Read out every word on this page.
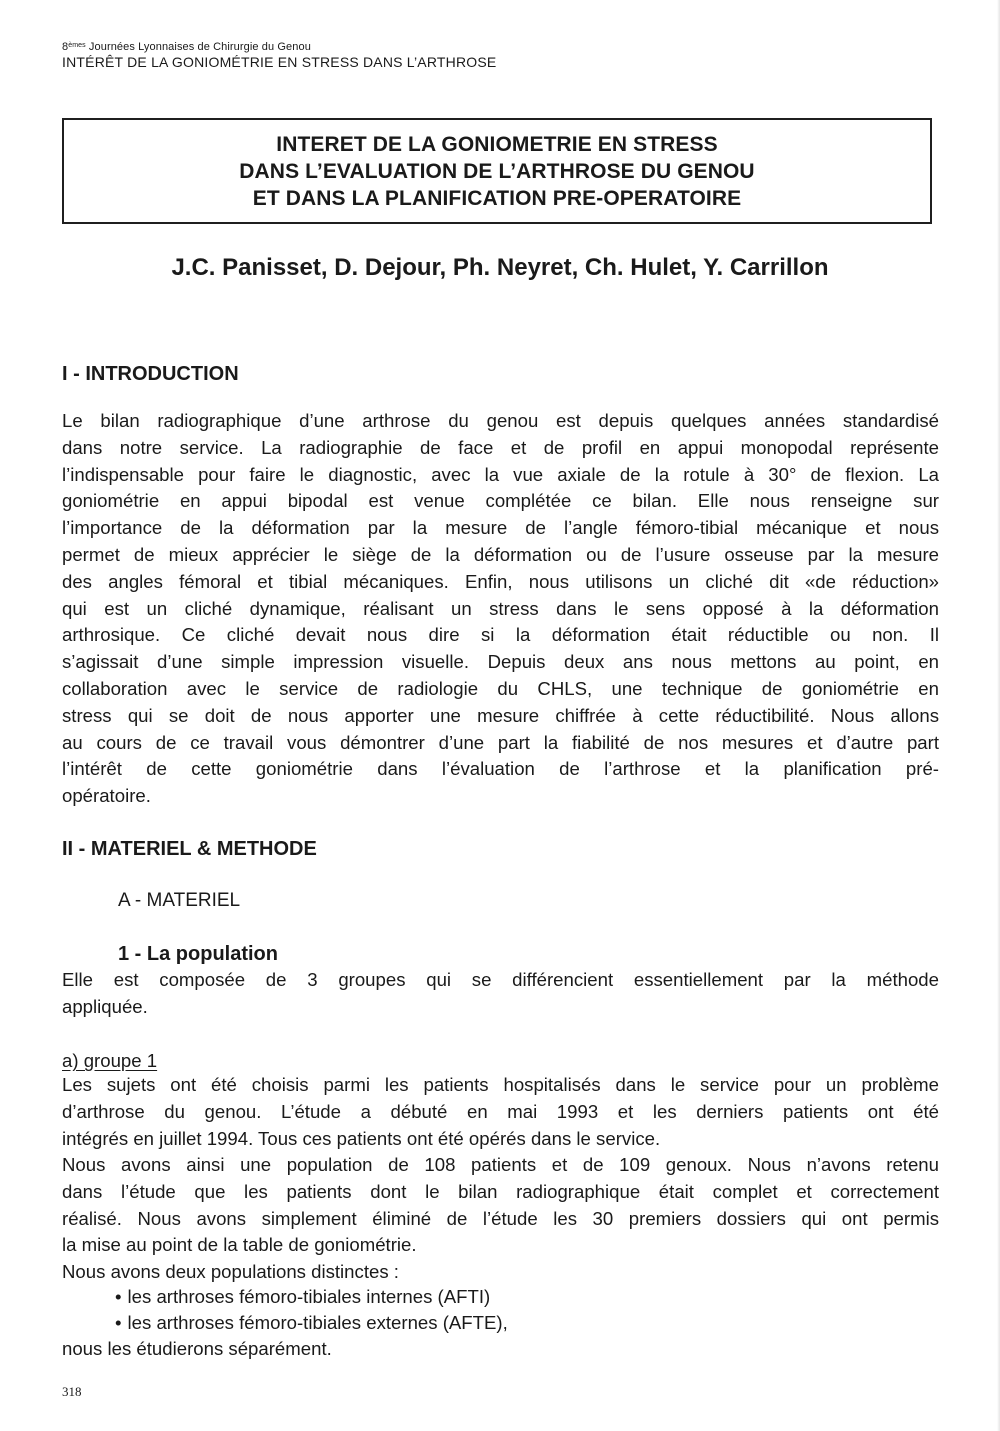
8èmes Journées Lyonnaises de Chirurgie du Genou
INTÉRÊT DE LA GONIOMÉTRIE EN STRESS DANS L’ARTHROSE
INTERET DE LA GONIOMETRIE EN STRESS
DANS L’EVALUATION DE L’ARTHROSE DU GENOU
ET DANS LA PLANIFICATION PRE-OPERATOIRE
J.C. Panisset, D. Dejour, Ph. Neyret, Ch. Hulet, Y. Carrillon
I - INTRODUCTION
Le bilan radiographique d’une arthrose du genou est depuis quelques années standardisé
dans notre service. La radiographie de face et de profil en appui monopodal représente
l’indispensable pour faire le diagnostic, avec la vue axiale de la rotule à 30° de flexion. La
goniométrie en appui bipodal est venue complétée ce bilan. Elle nous renseigne sur
l’importance de la déformation par la mesure de l’angle fémoro-tibial mécanique et nous
permet de mieux apprécier le siège de la déformation ou de l’usure osseuse par la mesure
des angles fémoral et tibial mécaniques. Enfin, nous utilisons un cliché dit «de réduction»
qui est un cliché dynamique, réalisant un stress dans le sens opposé à la déformation
arthrosique. Ce cliché devait nous dire si la déformation était réductible ou non. Il
s’agissait d’une simple impression visuelle. Depuis deux ans nous mettons au point, en
collaboration avec le service de radiologie du CHLS, une technique de goniométrie en
stress qui se doit de nous apporter une mesure chiffrée à cette réductibilité. Nous allons
au cours de ce travail vous démontrer d’une part la fiabilité de nos mesures et d’autre part
l’intérêt de cette goniométrie dans l’évaluation de l’arthrose et la planification pré-
opératoire.
II - MATERIEL & METHODE
A - MATERIEL
1 - La population
Elle est composée de 3 groupes qui se différencient essentiellement par la méthode
appliquée.
a) groupe 1
Les sujets ont été choisis parmi les patients hospitalisés dans le service pour un problème
d’arthrose du genou. L’étude a débuté en mai 1993 et les derniers patients ont été
intégrés en juillet 1994. Tous ces patients ont été opérés dans le service.
Nous avons ainsi une population de 108 patients et de 109 genoux. Nous n’avons retenu
dans l’étude que les patients dont le bilan radiographique était complet et correctement
réalisé. Nous avons simplement éliminé de l’étude les 30 premiers dossiers qui ont permis
la mise au point de la table de goniométrie.
Nous avons deux populations distinctes :
• les arthroses fémoro-tibiales internes (AFTI)
• les arthroses fémoro-tibiales externes (AFTE),
nous les étudierons séparément.
318
